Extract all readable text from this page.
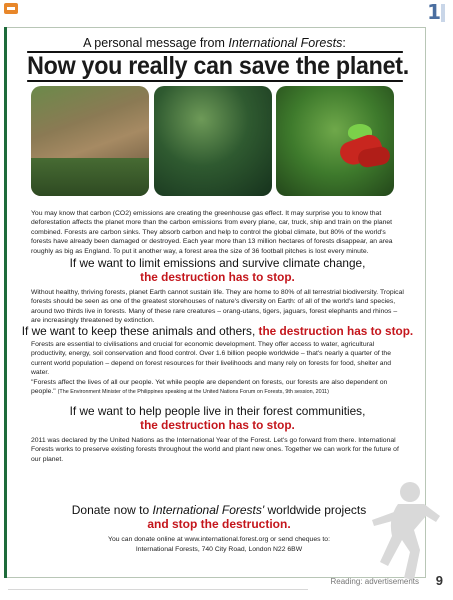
1
A personal message from International Forests:
Now you really can save the planet.
You may know that carbon (CO2) emissions are creating the greenhouse gas effect. It may surprise you to know that deforestation affects the planet more than the carbon emissions from every plane, car, truck, ship and train on the planet combined. Forests are carbon sinks. They absorb carbon and help to control the global climate, but 80% of the world's forests have already been damaged or destroyed. Each year more than 13 million hectares of forests disappear, an area roughly as big as England. To put it another way, a forest area the size of 36 football pitches is lost every minute.
If we want to limit emissions and survive climate change,
the destruction has to stop.
Without healthy, thriving forests, planet Earth cannot sustain life. They are home to 80% of all terrestrial biodiversity. Tropical forests should be seen as one of the greatest storehouses of nature's diversity on Earth: of all of the world's land species, around two thirds live in forests. Many of these rare creatures – orang-utans, tigers, jaguars, forest elephants and rhinos – are increasingly threatened by extinction.
If we want to keep these animals and others, the destruction has to stop.
Forests are essential to civilisations and crucial for economic development. They offer access to water, agricultural productivity, energy, soil conservation and flood control. Over 1.6 billion people worldwide – that's nearly a quarter of the current world population – depend on forest resources for their livelihoods and many rely on forests for food, shelter and water.
"Forests affect the lives of all our people. Yet while people are dependent on forests, our forests are also dependent on people." (The Environment Minister of the Philippines speaking at the United Nations Forum on Forests, 9th session, 2011)
If we want to help people live in their forest communities,
the destruction has to stop.
2011 was declared by the United Nations as the International Year of the Forest. Let's go forward from there. International Forests works to preserve existing forests throughout the world and plant new ones. Together we can work for the future of our planet.
Donate now to International Forests' worldwide projects
and stop the destruction.
You can donate online at www.international.forest.org or send cheques to:
International Forests, 740 City Road, London N22 6BW
Reading: advertisements 9
